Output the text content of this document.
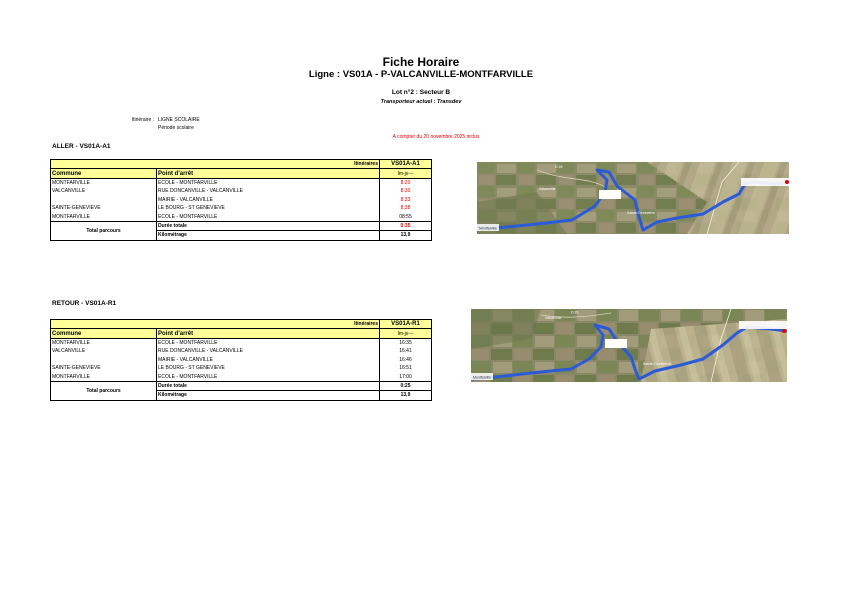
Fiche Horaire
Ligne : VS01A - P-VALCANVILLE-MONTFARVILLE
Lot n°2 : Secteur B
Transporteur actuel : Transdev
Itinéraire : LIGNE SCOLAIRE
Période scolaire
A compter du 20 novembre 2025 inclus
ALLER - VS01A-A1
	Itinéraires	VS01A-A1
Commune	Point d'arrêt	lm-jv---
MONTFARVILLE	ECOLE - MONTFARVILLE	8:20
VALCANVILLE	RUE DONCANVILLE - VALCANVILLE	8:30
	MAIRIE - VALCANVILLE	8:33
SAINTE-GENEVIEVE	LE BOURG - ST GENEVIEVE	8:38
MONTFARVILLE	ECOLE - MONTFARVILLE	08:55
Total parcours	Durée totale	0:35
	Kilométrage	13,9
Montfarville
Valcanville
Sainte-Geneviève
D 26
RETOUR - VS01A-R1
	Itinéraires	VS01A-R1
Commune	Point d'arrêt	lm-jv---
MONTFARVILLE	ECOLE - MONTFARVILLE	16:35
VALCANVILLE	RUE DONCANVILLE - VALCANVILLE	16:41
	MAIRIE - VALCANVILLE	16:46
SAINTE-GENEVIEVE	LE BOURG - ST GENEVIEVE	16:51
MONTFARVILLE	ECOLE - MONTFARVILLE	17:00
Total parcours	Durée totale	0:25
	Kilométrage	13,9
Montfarville
Valcanville
Sainte-Geneviève
D 26
